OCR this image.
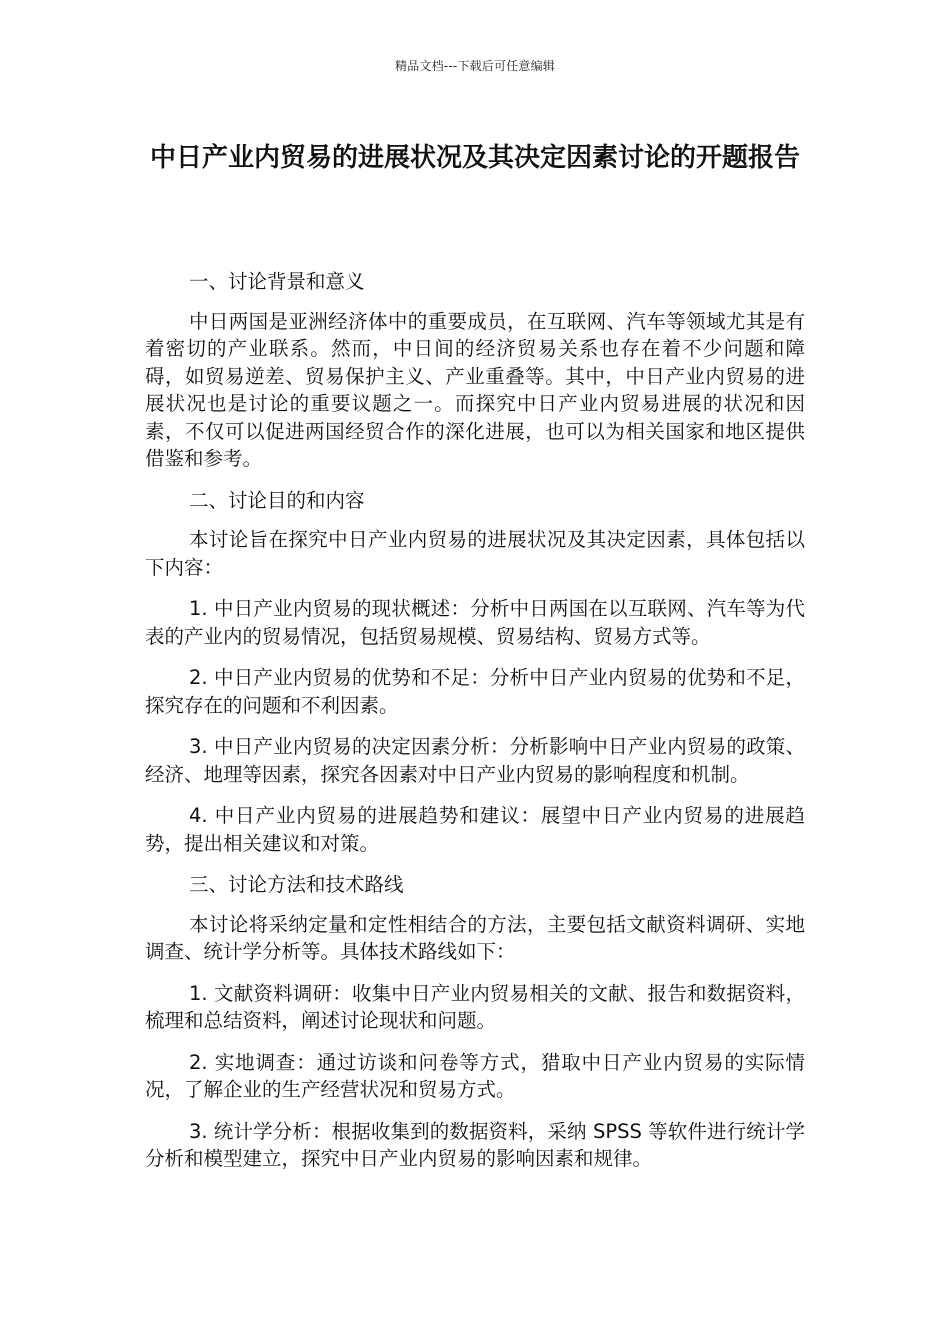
精品文档---下载后可任意编辑
中日产业内贸易的进展状况及其决定因素讨论的开题报告

一、讨论背景和意义

中日两国是亚洲经济体中的重要成员，在互联网、汽车等领域尤其是有着密切的产业联系。然而，中日间的经济贸易关系也存在着不少问题和障碍，如贸易逆差、贸易保护主义、产业重叠等。其中，中日产业内贸易的进展状况也是讨论的重要议题之一。而探究中日产业内贸易进展的状况和因素，不仅可以促进两国经贸合作的深化进展，也可以为相关国家和地区提供借鉴和参考。

二、讨论目的和内容

本讨论旨在探究中日产业内贸易的进展状况及其决定因素，具体包括以下内容：

1. 中日产业内贸易的现状概述：分析中日两国在以互联网、汽车等为代表的产业内的贸易情况，包括贸易规模、贸易结构、贸易方式等。

2. 中日产业内贸易的优势和不足：分析中日产业内贸易的优势和不足，探究存在的问题和不利因素。

3. 中日产业内贸易的决定因素分析：分析影响中日产业内贸易的政策、经济、地理等因素，探究各因素对中日产业内贸易的影响程度和机制。

4. 中日产业内贸易的进展趋势和建议：展望中日产业内贸易的进展趋势，提出相关建议和对策。

三、讨论方法和技术路线

本讨论将采纳定量和定性相结合的方法，主要包括文献资料调研、实地调查、统计学分析等。具体技术路线如下：

1. 文献资料调研：收集中日产业内贸易相关的文献、报告和数据资料，梳理和总结资料，阐述讨论现状和问题。

2. 实地调查：通过访谈和问卷等方式，猎取中日产业内贸易的实际情况，了解企业的生产经营状况和贸易方式。

3. 统计学分析：根据收集到的数据资料，采纳 SPSS 等软件进行统计学分析和模型建立，探究中日产业内贸易的影响因素和规律。
